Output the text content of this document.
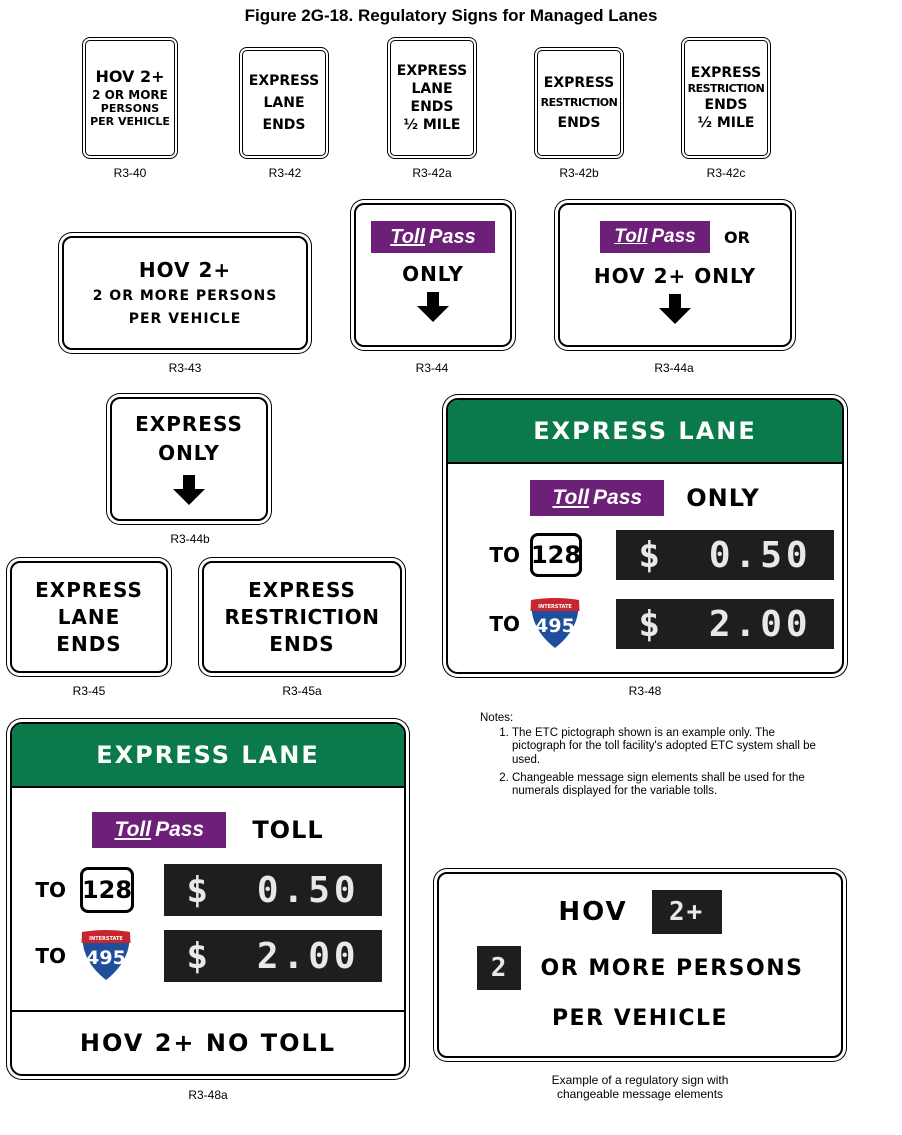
Figure 2G-18. Regulatory Signs for Managed Lanes
HOV 2+
2 OR MORE
PERSONS
PER VEHICLE
R3-40
EXPRESS
LANE
ENDS
R3-42
EXPRESS
LANE
ENDS
½ MILE
R3-42a
EXPRESS
RESTRICTION
ENDS
R3-42b
EXPRESS
RESTRICTION
ENDS
½ MILE
R3-42c
HOV 2+
2 OR MORE PERSONS
PER VEHICLE
R3-43
Toll Pass
ONLY
R3-44
Toll Pass OR
HOV 2+ ONLY
R3-44a
EXPRESS
ONLY
R3-44b
EXPRESS
LANE
ENDS
R3-45
EXPRESS
RESTRICTION
ENDS
R3-45a
EXPRESS LANE
Toll Pass ONLY
TO 128 $ 0.50
TO
INTERSTATE
495 $ 2.00
R3-48
Notes:
1. The ETC pictograph shown is an example only. The pictograph for the toll facility's adopted ETC system shall be used.
2. Changeable message sign elements shall be used for the numerals displayed for the variable tolls.
EXPRESS LANE
Toll Pass TOLL
TO 128 $ 0.50
TO
INTERSTATE
495 $ 2.00
HOV 2+ NO TOLL
R3-48a
HOV 2+
2 OR MORE PERSONS
PER VEHICLE
Example of a regulatory sign with
changeable message elements
